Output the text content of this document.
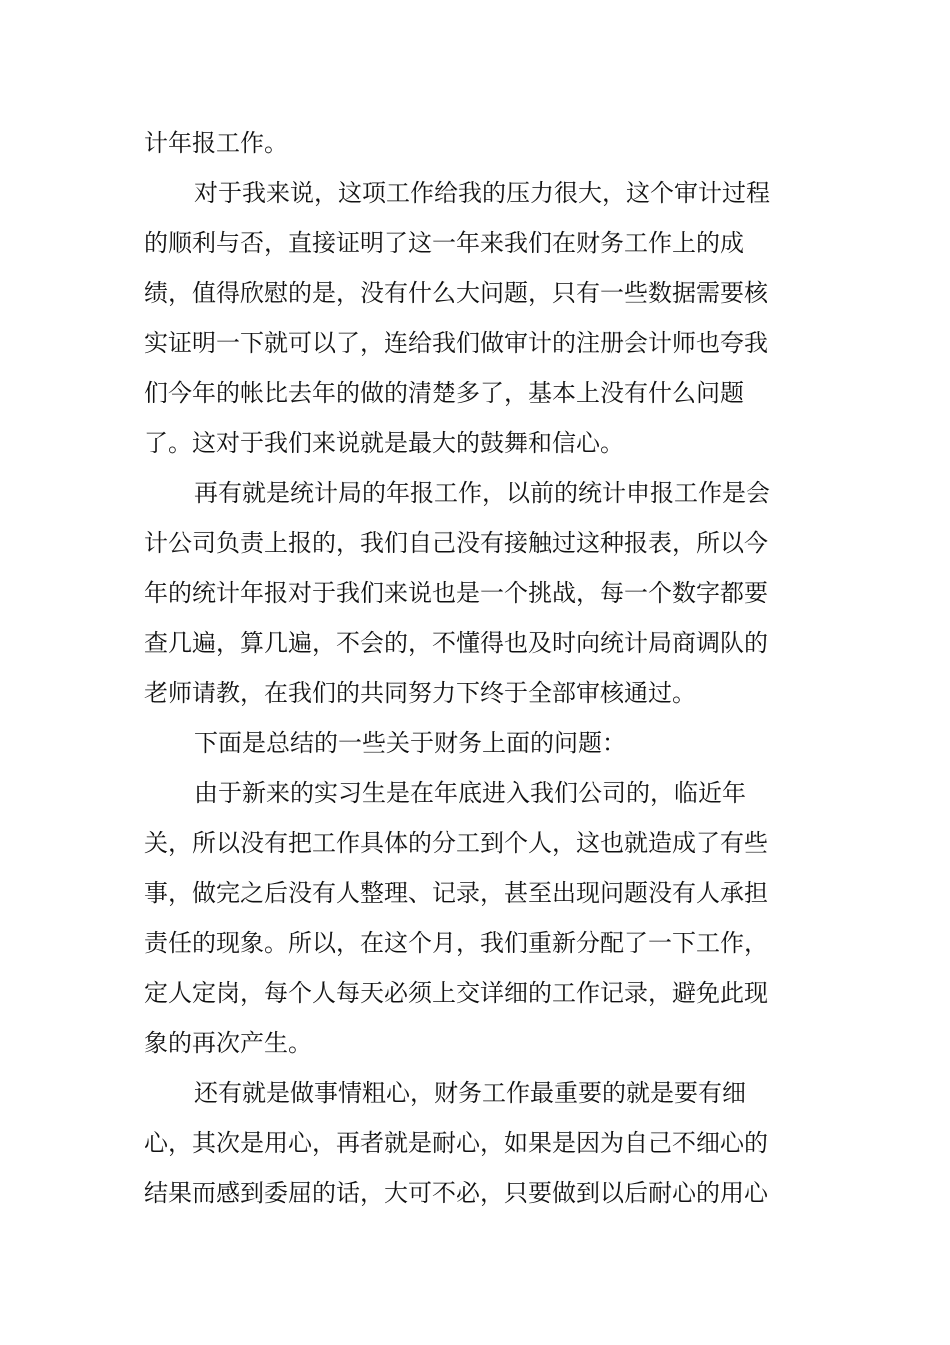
计年报工作。
对于我来说，这项工作给我的压力很大，这个审计过程
的顺利与否，直接证明了这一年来我们在财务工作上的成
绩，值得欣慰的是，没有什么大问题，只有一些数据需要核
实证明一下就可以了，连给我们做审计的注册会计师也夸我
们今年的帐比去年的做的清楚多了，基本上没有什么问题
了。这对于我们来说就是最大的鼓舞和信心。
再有就是统计局的年报工作，以前的统计申报工作是会
计公司负责上报的，我们自己没有接触过这种报表，所以今
年的统计年报对于我们来说也是一个挑战，每一个数字都要
查几遍，算几遍，不会的，不懂得也及时向统计局商调队的
老师请教，在我们的共同努力下终于全部审核通过。
下面是总结的一些关于财务上面的问题：
由于新来的实习生是在年底进入我们公司的，临近年
关，所以没有把工作具体的分工到个人，这也就造成了有些
事，做完之后没有人整理、记录，甚至出现问题没有人承担
责任的现象。所以，在这个月，我们重新分配了一下工作，
定人定岗，每个人每天必须上交详细的工作记录，避免此现
象的再次产生。
还有就是做事情粗心，财务工作最重要的就是要有细
心，其次是用心，再者就是耐心，如果是因为自己不细心的
结果而感到委屈的话，大可不必，只要做到以后耐心的用心
